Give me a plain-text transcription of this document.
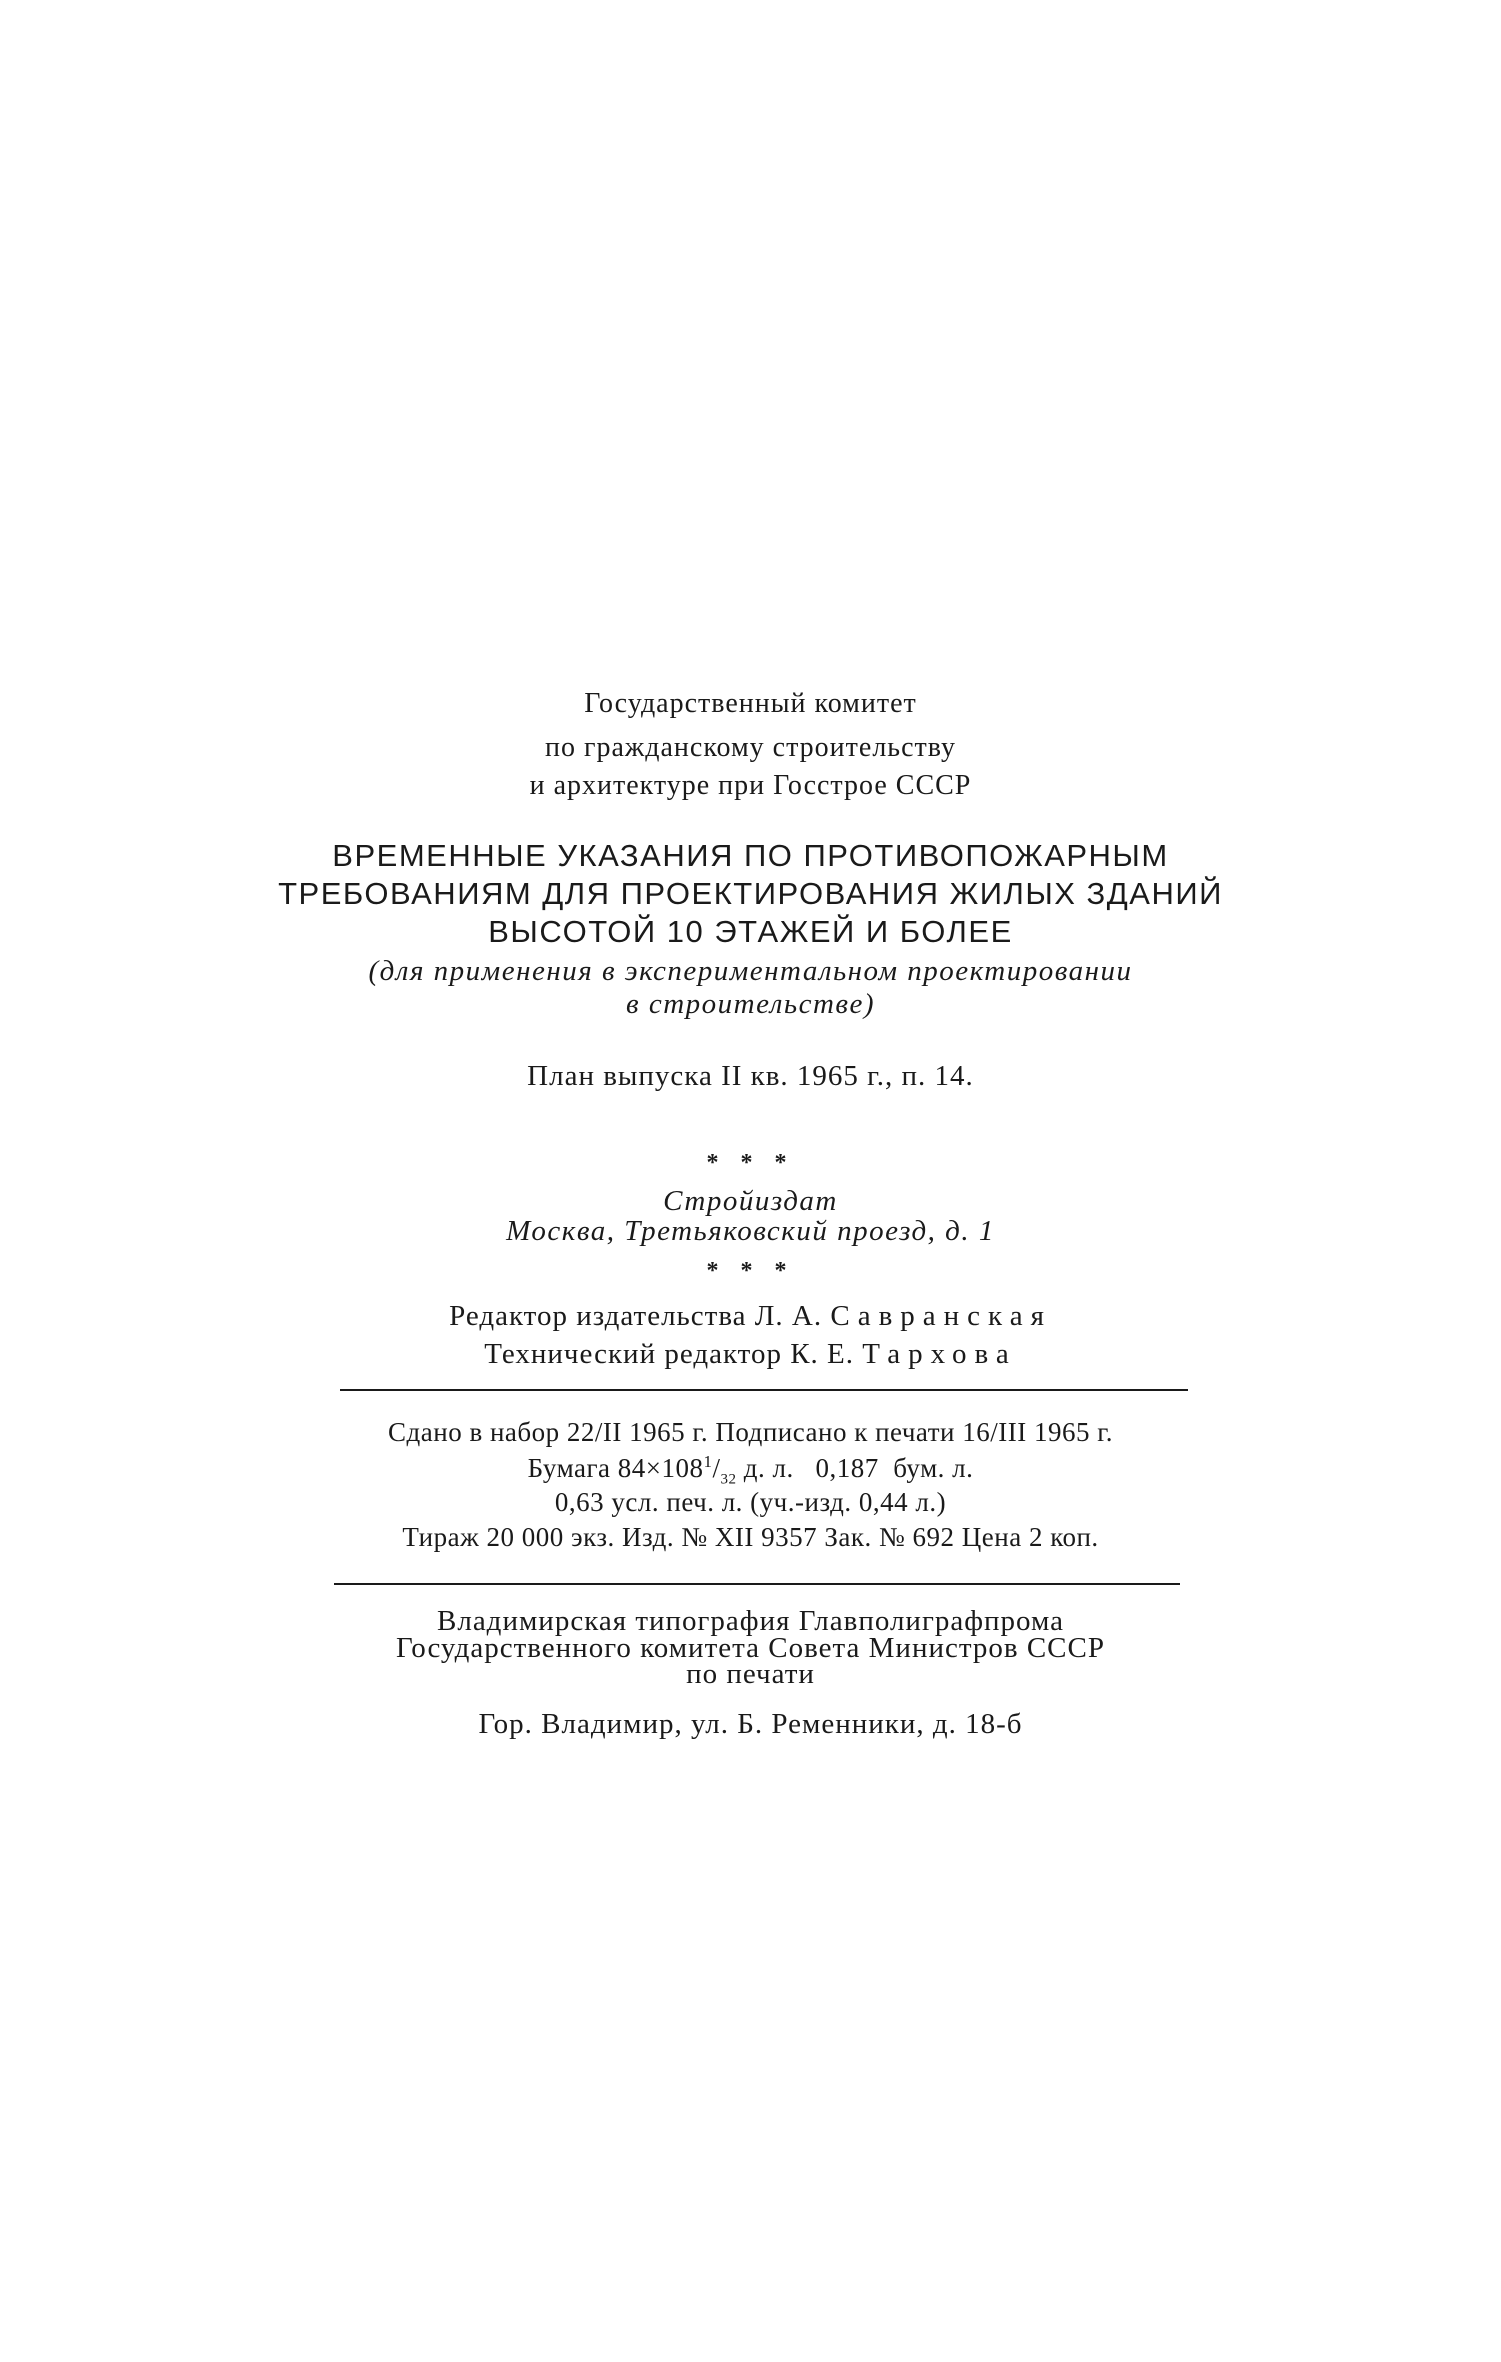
Государственный комитет
по гражданскому строительству
и архитектуре при Госстрое СССР
ВРЕМЕННЫЕ УКАЗАНИЯ ПО ПРОТИВОПОЖАРНЫМ
ТРЕБОВАНИЯМ ДЛЯ ПРОЕКТИРОВАНИЯ ЖИЛЫХ ЗДАНИЙ
ВЫСОТОЙ 10 ЭТАЖЕЙ И БОЛЕЕ
(для применения в экспериментальном проектировании
в строительстве)
План выпуска II кв. 1965 г., п. 14.
* * *
Стройиздат
Москва, Третьяковский проезд, д. 1
* * *
Редактор издательства Л. А. Савранская
Технический редактор К. Е. Тархова
Сдано в набор 22/II 1965 г. Подписано к печати 16/III 1965 г.
Бумага $84\times 108^1/_{32}$ д. л.   0,187  бум. л.
0,63 усл. печ. л. (уч.-изд. 0,44 л.)
Тираж 20 000 экз. Изд. № XII 9357 Зак. № 692 Цена 2 коп.
Владимирская типография Главполиграфпрома
Государственного комитета Совета Министров СССР
по печати
Гор. Владимир, ул. Б. Ременники, д. 18-б
